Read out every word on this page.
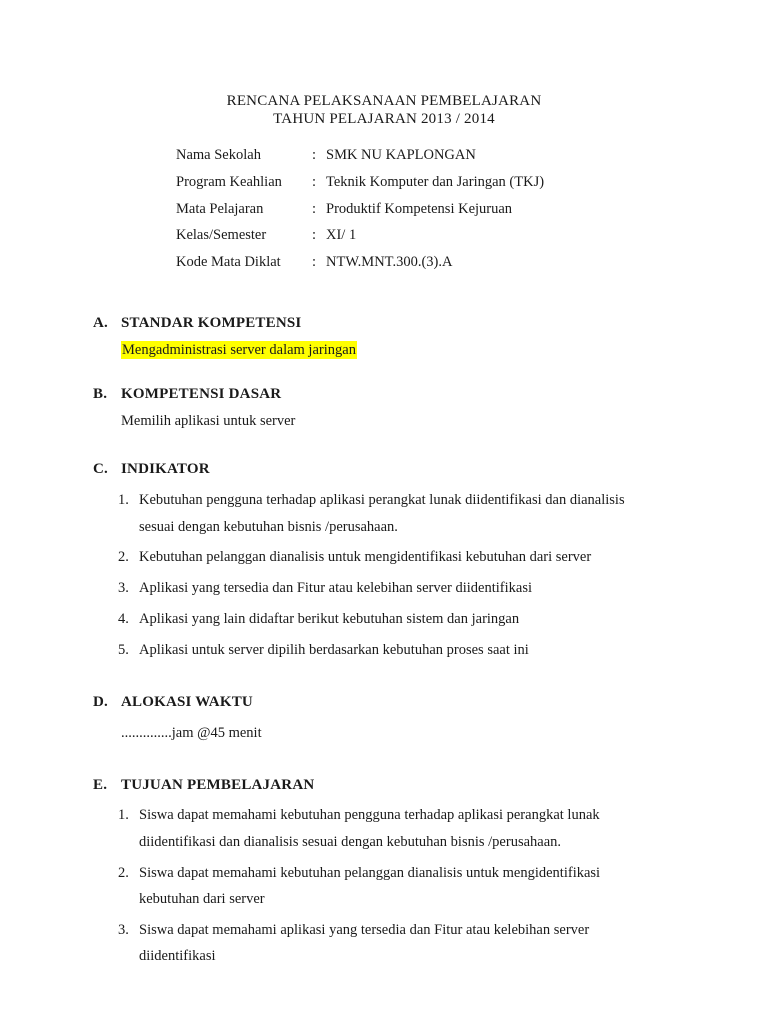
RENCANA PELAKSANAAN PEMBELAJARAN
TAHUN PELAJARAN 2013 / 2014
Nama Sekolah	: SMK NU KAPLONGAN
Program Keahlian	: Teknik Komputer dan Jaringan (TKJ)
Mata Pelajaran	: Produktif Kompetensi Kejuruan
Kelas/Semester	: XI/ 1
Kode Mata Diklat	: NTW.MNT.300.(3).A
A. STANDAR KOMPETENSI
Mengadministrasi server dalam jaringan
B. KOMPETENSI DASAR
Memilih aplikasi untuk server
C. INDIKATOR
1. Kebutuhan pengguna terhadap aplikasi perangkat lunak diidentifikasi dan dianalisis
sesuai dengan kebutuhan bisnis /perusahaan.
2. Kebutuhan pelanggan dianalisis untuk mengidentifikasi kebutuhan dari server
3. Aplikasi yang tersedia dan Fitur atau kelebihan server diidentifikasi
4. Aplikasi yang lain didaftar berikut kebutuhan sistem dan jaringan
5. Aplikasi untuk server dipilih berdasarkan kebutuhan proses saat ini
D. ALOKASI WAKTU
..............jam @45 menit
E. TUJUAN PEMBELAJARAN
1. Siswa dapat memahami kebutuhan pengguna terhadap aplikasi perangkat lunak
diidentifikasi dan dianalisis sesuai dengan kebutuhan bisnis /perusahaan.
2. Siswa dapat memahami kebutuhan pelanggan dianalisis untuk mengidentifikasi
kebutuhan dari server
3. Siswa dapat memahami aplikasi yang tersedia dan Fitur atau kelebihan server
diidentifikasi
